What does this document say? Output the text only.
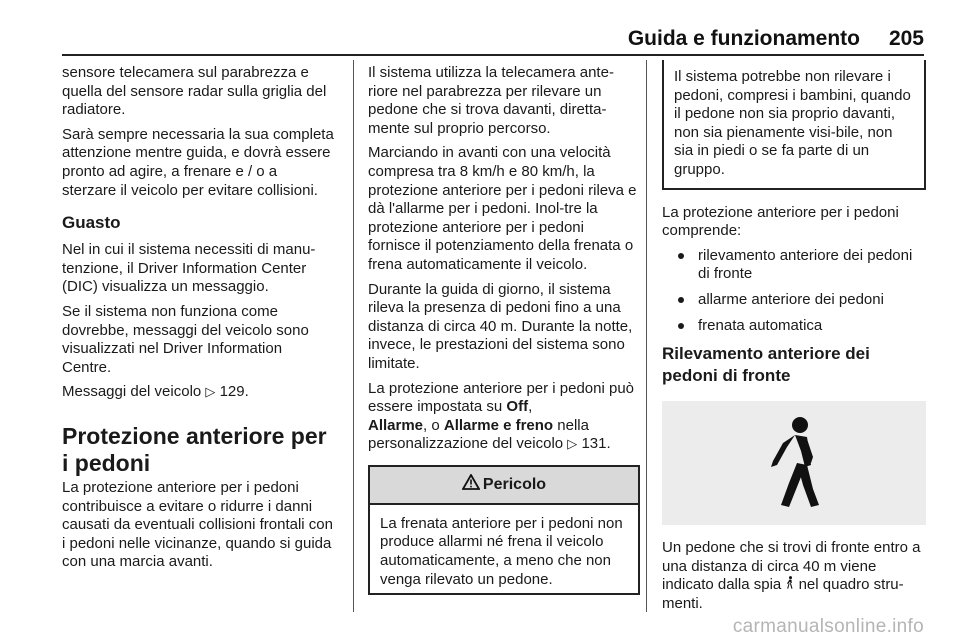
Guida e funzionamento 205

sensore telecamera sul parabrezza e quella del sensore radar sulla griglia del radiatore.

Sarà sempre necessaria la sua completa attenzione mentre guida, e dovrà essere pronto ad agire, a frenare e / o a sterzare il veicolo per evitare collisioni.

Guasto

Nel in cui il sistema necessiti di manu-tenzione, il Driver Information Center (DIC) visualizza un messaggio.

Se il sistema non funziona come dovrebbe, messaggi del veicolo sono visualizzati nel Driver Information Centre.

Messaggi del veicolo ▷ 129.

Protezione anteriore per i pedoni

La protezione anteriore per i pedoni contribuisce a evitare o ridurre i danni causati da eventuali collisioni frontali con i pedoni nelle vicinanze, quando si guida con una marcia avanti.

Il sistema utilizza la telecamera ante-riore nel parabrezza per rilevare un pedone che si trova davanti, diretta-mente sul proprio percorso.

Marciando in avanti con una velocità compresa tra 8 km/h e 80 km/h, la protezione anteriore per i pedoni rileva e dà l'allarme per i pedoni. Inol-tre la protezione anteriore per i pedoni fornisce il potenziamento della frenata o frena automaticamente il veicolo.

Durante la guida di giorno, il sistema rileva la presenza di pedoni fino a una distanza di circa 40 m. Durante la notte, invece, le prestazioni del sistema sono limitate.

La protezione anteriore per i pedoni può essere impostata su Off,
Allarme, o Allarme e freno nella personalizzazione del veicolo ▷ 131.

Pericolo
La frenata anteriore per i pedoni non produce allarmi né frena il veicolo automaticamente, a meno che non venga rilevato un pedone.
Il sistema potrebbe non rilevare i pedoni, compresi i bambini, quando il pedone non sia proprio davanti, non sia pienamente visi-bile, non sia in piedi o se fa parte di un gruppo.

La protezione anteriore per i pedoni comprende:

rilevamento anteriore dei pedoni di fronte
allarme anteriore dei pedoni
frenata automatica
Rilevamento anteriore dei pedoni di fronte

Un pedone che si trovi di fronte entro a una distanza di circa 40 m viene indicato dalla spia  nel quadro stru-menti.

carmanualsonline.info
